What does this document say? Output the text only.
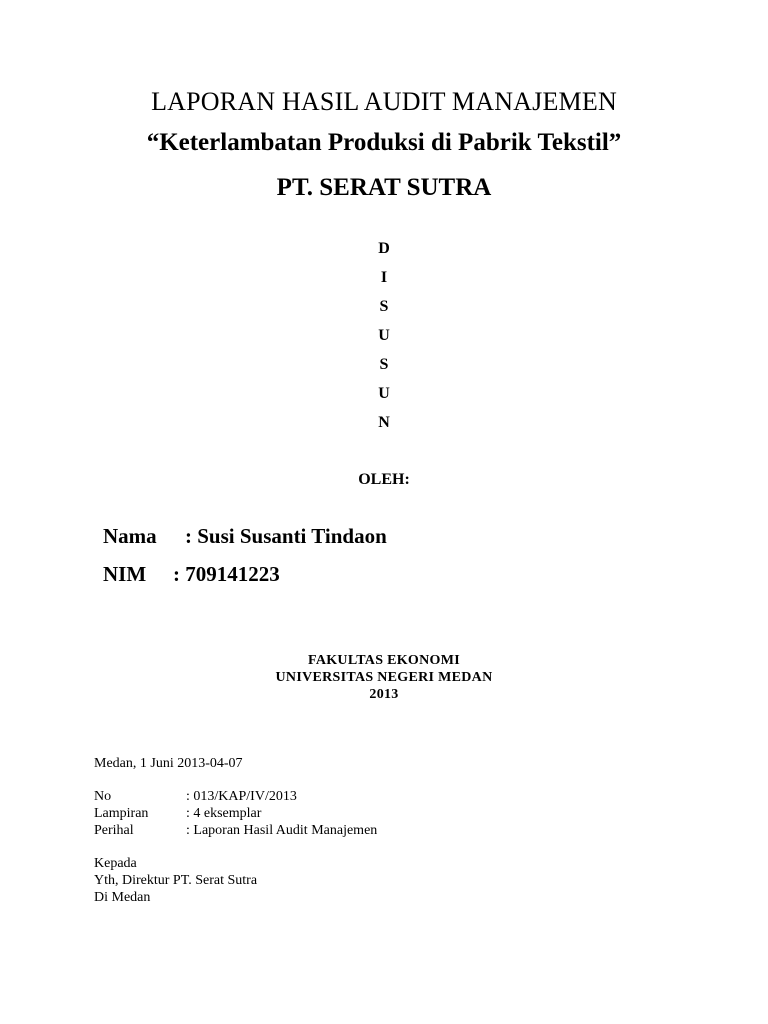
LAPORAN HASIL AUDIT MANAJEMEN
“Keterlambatan Produksi di Pabrik Tekstil”
PT. SERAT SUTRA
D
I
S
U
S
U
N
OLEH:
Nama : Susi Susanti Tindaon
NIM : 709141223
FAKULTAS EKONOMI
UNIVERSITAS NEGERI MEDAN
2013
Medan, 1 Juni 2013-04-07
No	: 013/KAP/IV/2013
Lampiran	: 4 eksemplar
Perihal	: Laporan Hasil Audit Manajemen
Kepada
Yth, Direktur PT. Serat Sutra
Di Medan
